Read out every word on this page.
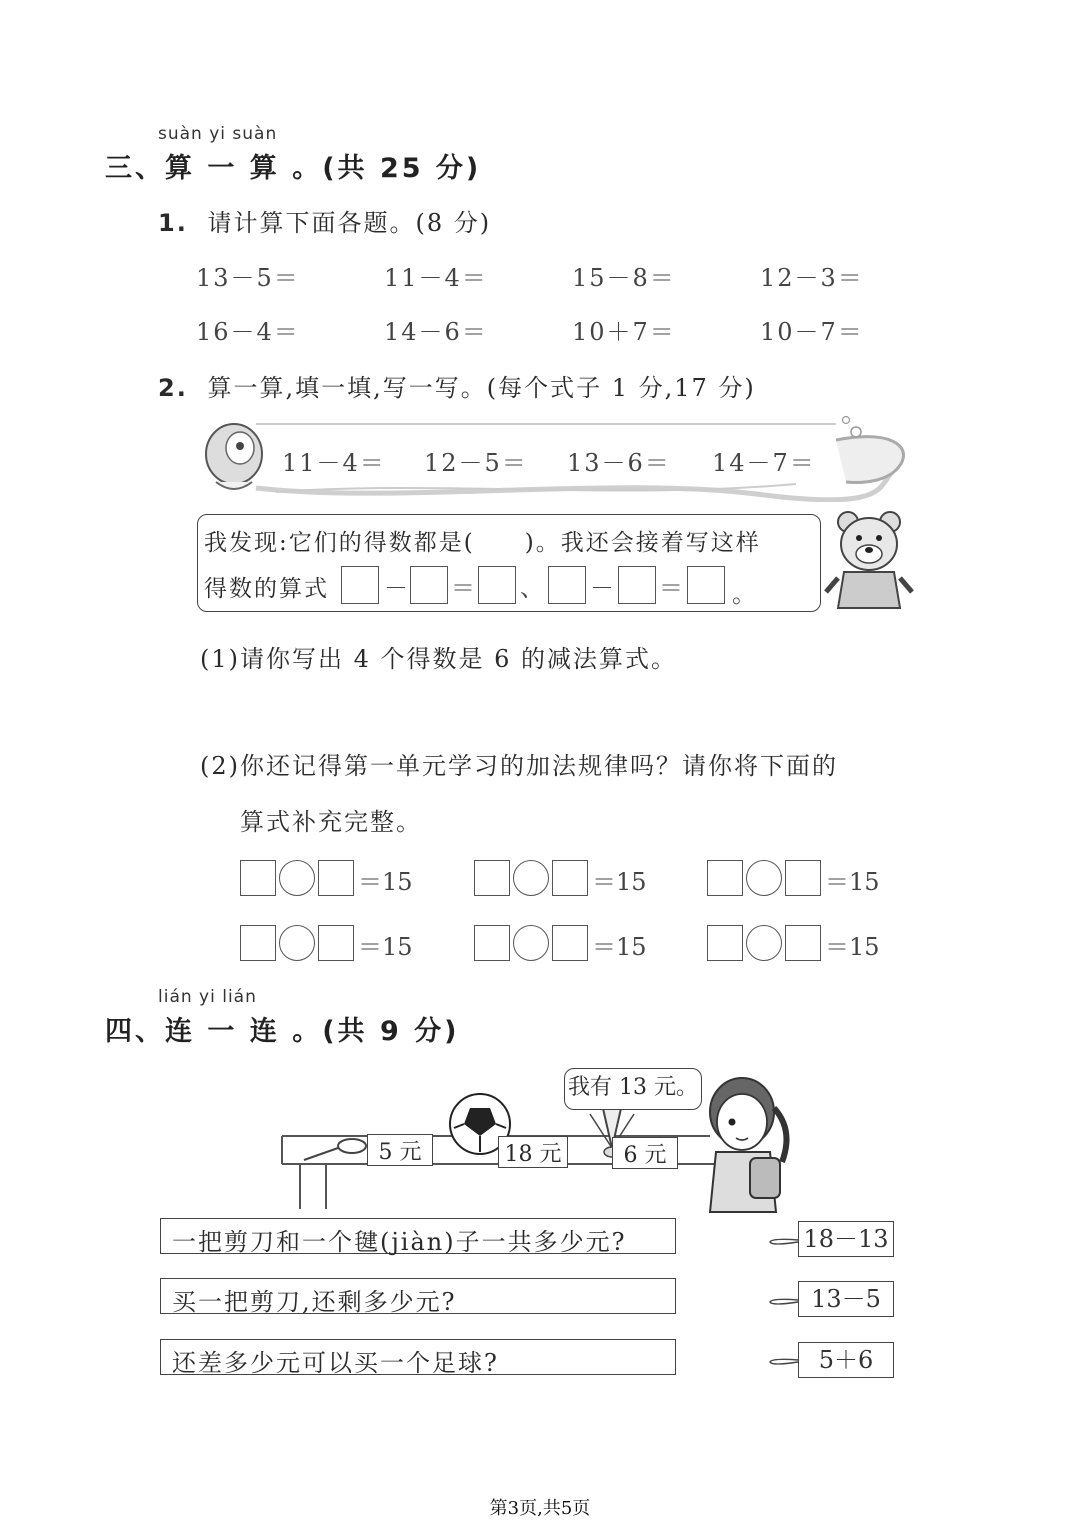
suàn yi suàn
三、算 一 算 。(共 25 分)
1. 请计算下面各题。(8 分)
13－5＝	11－4＝	15－8＝	12－3＝
16－4＝	14－6＝	10＋7＝	10－7＝
2. 算一算,填一填,写一写。(每个式子 1 分,17 分)
11－4＝ 12－5＝ 13－6＝ 14－7＝
我发现:它们的得数都是(　　)。我还会接着写这样
得数的算式 － ＝ 、 － ＝ 。
(1)请你写出 4 个得数是 6 的减法算式。
(2)你还记得第一单元学习的加法规律吗？请你将下面的
算式补充完整。
＝15	＝15	＝15
＝15	＝15	＝15
lián yi lián
四、连 一 连 。(共 9 分)
5 元	18 元	6 元
我有 13 元。
一把剪刀和一个毽(jiàn)子一共多少元?
买一把剪刀,还剩多少元?
还差多少元可以买一个足球?
18－13
13－5
5＋6
第3页,共5页
